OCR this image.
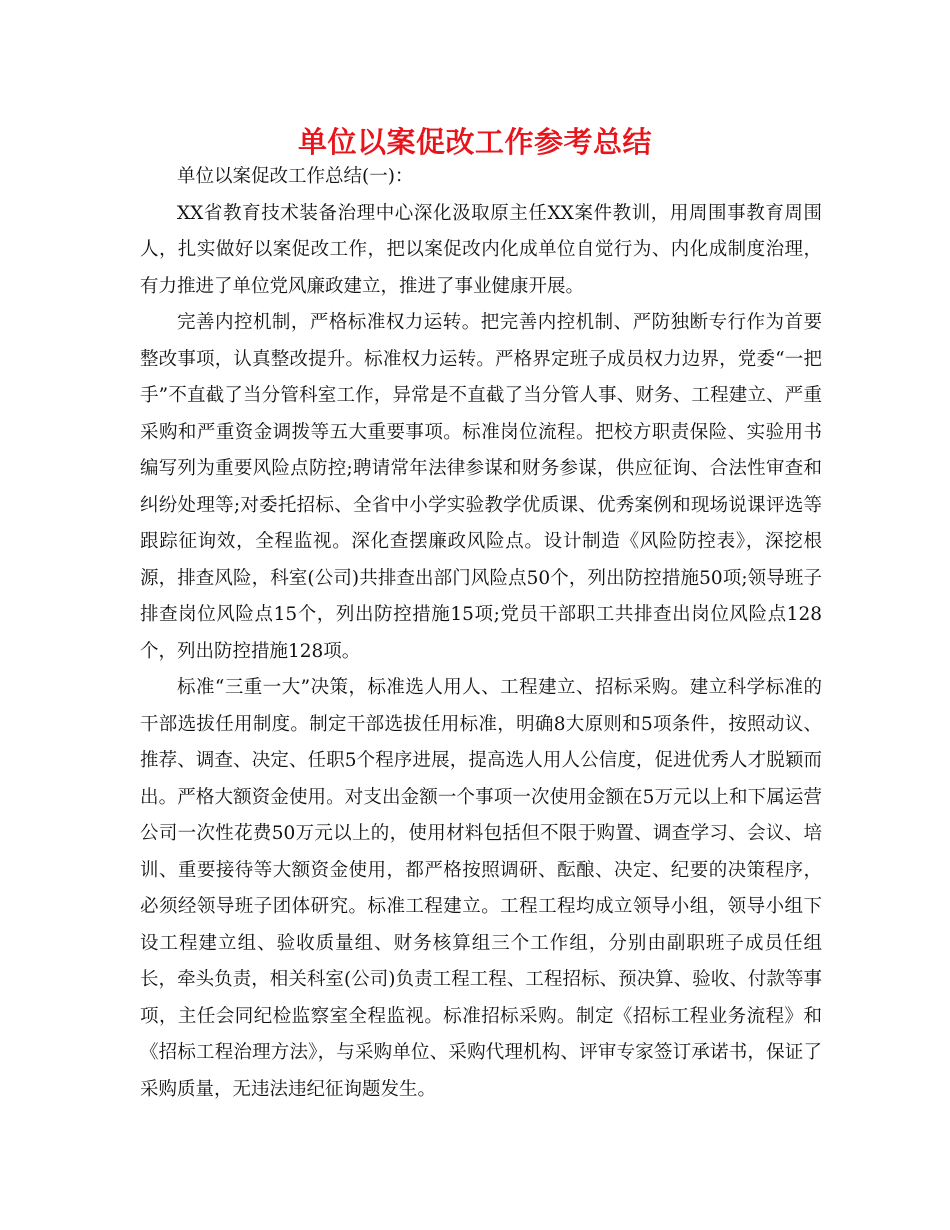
单位以案促改工作参考总结

单位以案促改工作总结(一)：

XX省教育技术装备治理中心深化汲取原主任XX案件教训，用周围事教育周围人，扎实做好以案促改工作，把以案促改内化成单位自觉行为、内化成制度治理，有力推进了单位党风廉政建立，推进了事业健康开展。

完善内控机制，严格标准权力运转。把完善内控机制、严防独断专行作为首要整改事项，认真整改提升。标准权力运转。严格界定班子成员权力边界，党委“一把手”不直截了当分管科室工作，异常是不直截了当分管人事、财务、工程建立、严重采购和严重资金调拨等五大重要事项。标准岗位流程。把校方职责保险、实验用书编写列为重要风险点防控;聘请常年法律参谋和财务参谋，供应征询、合法性审查和纠纷处理等;对委托招标、全省中小学实验教学优质课、优秀案例和现场说课评选等跟踪征询效，全程监视。深化查摆廉政风险点。设计制造《风险防控表》，深挖根源，排查风险，科室(公司)共排查出部门风险点50个，列出防控措施50项;领导班子排查岗位风险点15个，列出防控措施15项;党员干部职工共排查出岗位风险点128个，列出防控措施128项。

标准“三重一大”决策，标准选人用人、工程建立、招标采购。建立科学标准的干部选拔任用制度。制定干部选拔任用标准，明确8大原则和5项条件，按照动议、推荐、调查、决定、任职5个程序进展，提高选人用人公信度，促进优秀人才脱颖而出。严格大额资金使用。对支出金额一个事项一次使用金额在5万元以上和下属运营公司一次性花费50万元以上的，使用材料包括但不限于购置、调查学习、会议、培训、重要接待等大额资金使用，都严格按照调研、酝酿、决定、纪要的决策程序，必须经领导班子团体研究。标准工程建立。工程工程均成立领导小组，领导小组下设工程建立组、验收质量组、财务核算组三个工作组，分别由副职班子成员任组长，牵头负责，相关科室(公司)负责工程工程、工程招标、预决算、验收、付款等事项，主任会同纪检监察室全程监视。标准招标采购。制定《招标工程业务流程》和《招标工程治理方法》，与采购单位、采购代理机构、评审专家签订承诺书，保证了采购质量，无违法违纪征询题发生。
